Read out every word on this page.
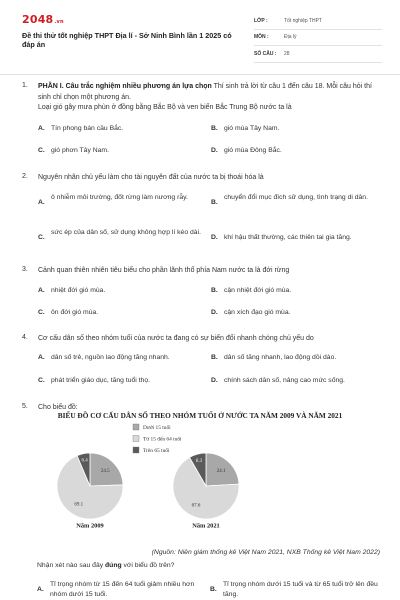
2048.vn
Đề thi thử tốt nghiệp THPT Địa lí - Sở Ninh Bình lần 1 2025 có đáp án
LỚP :	Tốt nghiệp THPT
MÔN :	Địa lý
SỐ CÂU :	28
1. PHẦN I. Câu trắc nghiệm nhiều phương án lựa chọn Thí sinh trả lời từ câu 1 đến câu 18. Mỗi câu hỏi thí sinh chỉ chọn một phương án.
Loại gió gây mưa phùn ở đồng bằng Bắc Bộ và ven biển Bắc Trung Bộ nước ta là
A. Tín phong bán cầu Bắc.	B. gió mùa Tây Nam.
C. gió phơn Tây Nam.	D. gió mùa Đông Bắc.
2. Nguyên nhân chủ yếu làm cho tài nguyên đất của nước ta bị thoái hóa là
A.
ô nhiễm môi trường, đốt rừng làm nương rẫy.
B.
chuyển đổi mục đích sử dụng, tình trạng di dân.
C.
sức ép của dân số, sử dụng không hợp lí kéo dài.
D. khí hậu thất thường, các thiên tai gia tăng.
3. Cảnh quan thiên nhiên tiêu biểu cho phần lãnh thổ phía Nam nước ta là đới rừng
A. nhiệt đới gió mùa.	B. cận nhiệt đới gió mùa.
C. ôn đới gió mùa.	D. cận xích đạo gió mùa.
4. Cơ cấu dân số theo nhóm tuổi của nước ta đang có sự biến đổi nhanh chóng chủ yếu do
A. dân số trẻ, nguồn lao động tăng nhanh.	B. dân số tăng nhanh, lao động dồi dào.
C. phát triển giáo dục, tăng tuổi thọ.	D. chính sách dân số, nâng cao mức sống.
5. Cho biểu đồ:
BIỂU ĐỒ CƠ CẤU DÂN SỐ THEO NHÓM TUỔI Ở NƯỚC TA NĂM 2009 VÀ NĂM 2021
Dưới 15 tuổi
Từ 15 đến 64 tuổi
Trên 65 tuổi
24.5
69.1
6.4
Năm 2009
24.1
67.6
8.3
Năm 2021
(Nguồn: Niên giám thống kê Việt Nam 2021, NXB Thống kê Việt Nam 2022)
Nhận xét nào sau đây đúng với biểu đồ trên?
A.
Tỉ trọng nhóm từ 15 đến 64 tuổi giảm nhiều hơn nhóm dưới 15 tuổi.
B.
Tỉ trọng nhóm dưới 15 tuổi và từ 65 tuổi trở lên đều tăng.
